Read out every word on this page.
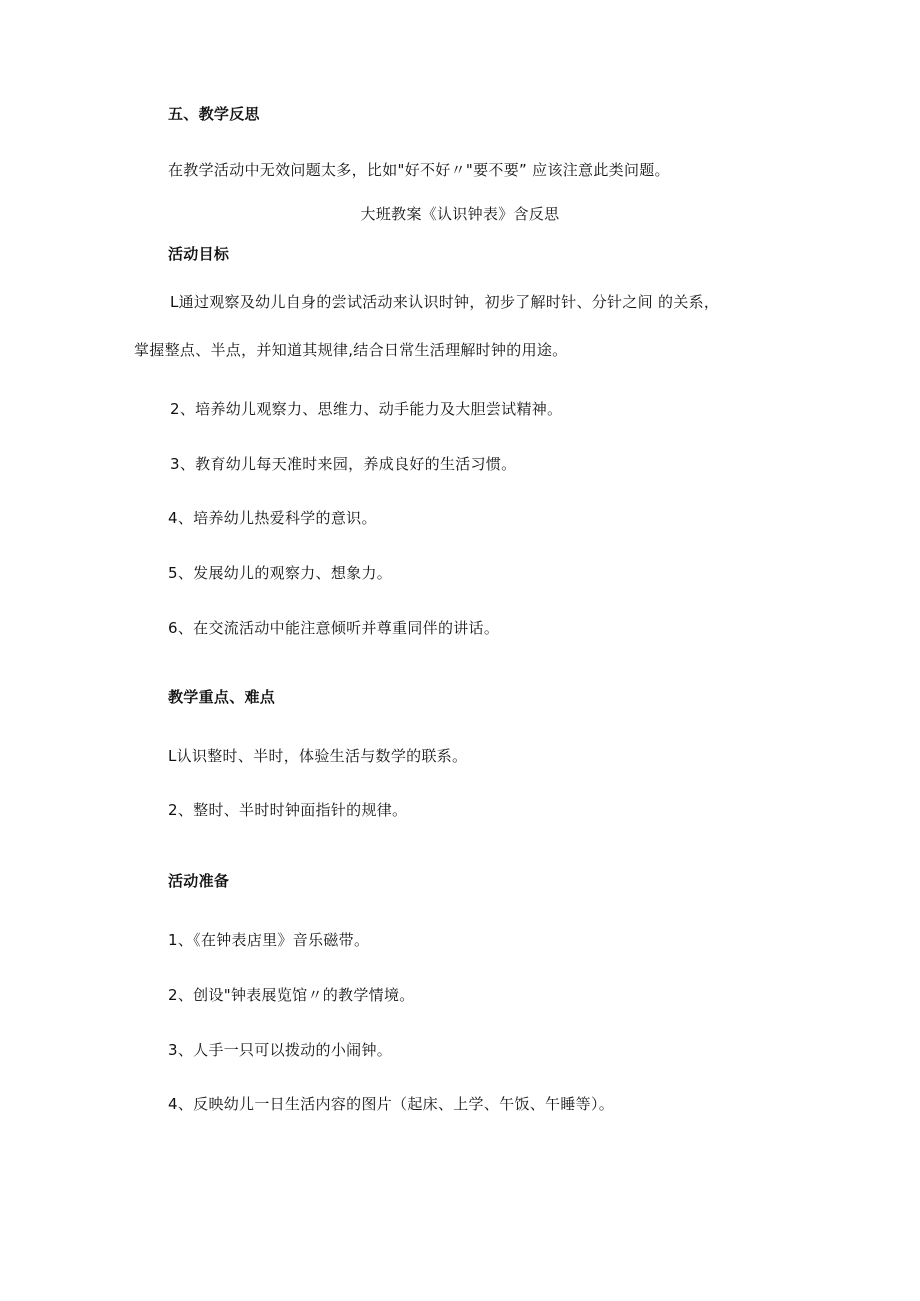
五、教学反思
在教学活动中无效问题太多，比如"好不好〃"要不要” 应该注意此类问题。
大班教案《认识钟表》含反思
活动目标
L通过观察及幼儿自身的尝试活动来认识时钟，初步了解时针、分针之间 的关系，
掌握整点、半点，并知道其规律,结合日常生活理解时钟的用途。
2、培养幼儿观察力、思维力、动手能力及大胆尝试精神。
3、教育幼儿每天准时来园，养成良好的生活习惯。
4、培养幼儿热爱科学的意识。
5、发展幼儿的观察力、想象力。
6、在交流活动中能注意倾听并尊重同伴的讲话。
教学重点、难点
L认识整时、半时，体验生活与数学的联系。
2、整时、半时时钟面指针的规律。
活动准备
1、《在钟表店里》音乐磁带。
2、创设"钟表展览馆〃的教学情境。
3、人手一只可以拨动的小闹钟。
4、反映幼儿一日生活内容的图片（起床、上学、午饭、午睡等）。
